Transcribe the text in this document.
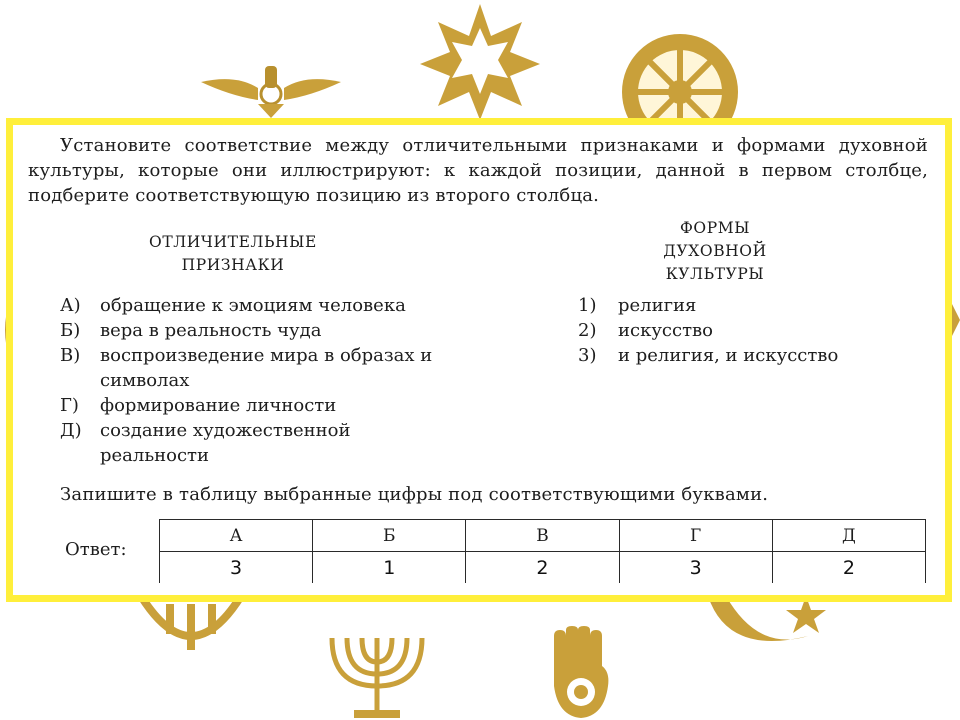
Установите соответствие между отличительными признаками и формами духовной культуры, которые они иллюстрируют: к каждой позиции, данной в первом столбце, подберите соответствующую позицию из второго столбца.
ОТЛИЧИТЕЛЬНЫЕ
ПРИЗНАКИ
ФОРМЫ
ДУХОВНОЙ
КУЛЬТУРЫ
А) обращение к эмоциям человека
Б) вера в реальность чуда
В) воспроизведение мира в образах и символах
Г) формирование личности
Д) создание художественной реальности
1) религия
2) искусство
3) и религия, и искусство
Запишите в таблицу выбранные цифры под соответствующими буквами.
Ответ:
А	Б	В	Г	Д
3	1	2	3	2
